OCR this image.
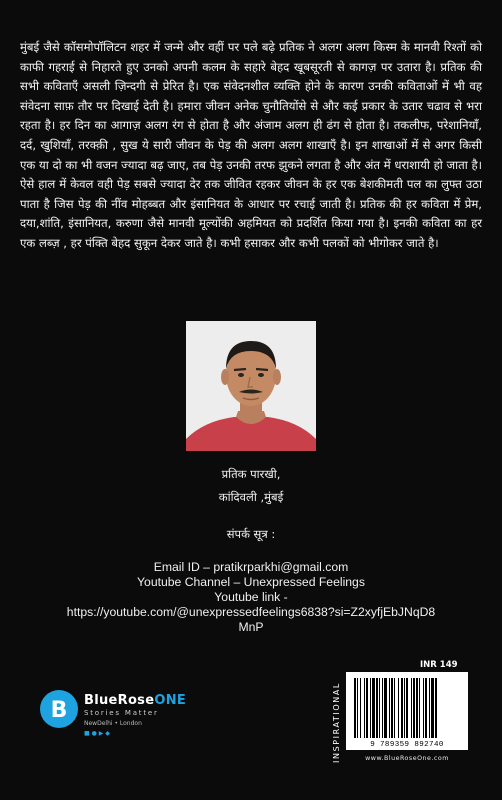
मुंबई जैसे कॉसमोपॉलिटन शहर में जन्मे और वहीं पर पले बढ़े प्रतिक ने अलग अलग किस्म के मानवी रिश्तों को काफी गहराई से निहारते हुए उनको अपनी कलम के सहारे बेहद खूबसूरती से कागज़ पर उतारा है। प्रतिक की सभी कविताएँ असली ज़िन्दगी से प्रेरित है। एक संवेदनशील व्यक्ति होने के कारण उनकी कविताओं में भी वह संवेदना साफ़ तौर पर दिखाई देती है। हमारा जीवन अनेक चुनौतियोंसे से और कई प्रकार के उतार चढाव से भरा रहता है। हर दिन का आगाज़ अलग रंग से होता है और अंजाम अलग ही ढंग से होता है। तकलीफ, परेशानियाँ, दर्द, खुशियाँ, तरक्क़ी , सुख ये सारी जीवन के पेड़ की अलग अलग शाखाएँ है। इन शाखाओं में से अगर किसी एक या दो का भी वजन ज्यादा बढ़ जाए, तब पेड़ उनकी तरफ झुकने लगता है और अंत में धराशायी हो जाता है। ऐसे हाल में केवल वही पेड़ सबसे ज्यादा देर तक जीवित रहकर जीवन के हर एक बेशकीमती पल का लुफ्त उठा पाता है जिस पेड़ की नींव मोहब्बत और इंसानियत के आधार पर रचाई जाती है। प्रतिक की हर कविता में प्रेम, दया,शांति, इंसानियत, करुणा जैसे मानवी मूल्योंकी अहमियत को प्रदर्शित किया गया है। इनकी कविता का हर एक लब्ज़ , हर पंक्ति बेहद सुकून देकर जाते है। कभी हसाकर और कभी पलकों को भीगोकर जाते है।
प्रतिक पारखी,
कांदिवली ,मुंबई
संपर्क सूत्र :
Email ID – pratikrparkhi@gmail.com
Youtube Channel – Unexpressed Feelings
Youtube link -
https://youtube.com/@unexpressedfeelings6838?si=Z2xyfjEbJNqD8
MnP
B BlueRoseONE
Stories Matter
NewDelhi • London
■ ● ▶ ◆
INR 149
INSPIRATIONAL	9 789359 892740
www.BlueRoseOne.com
